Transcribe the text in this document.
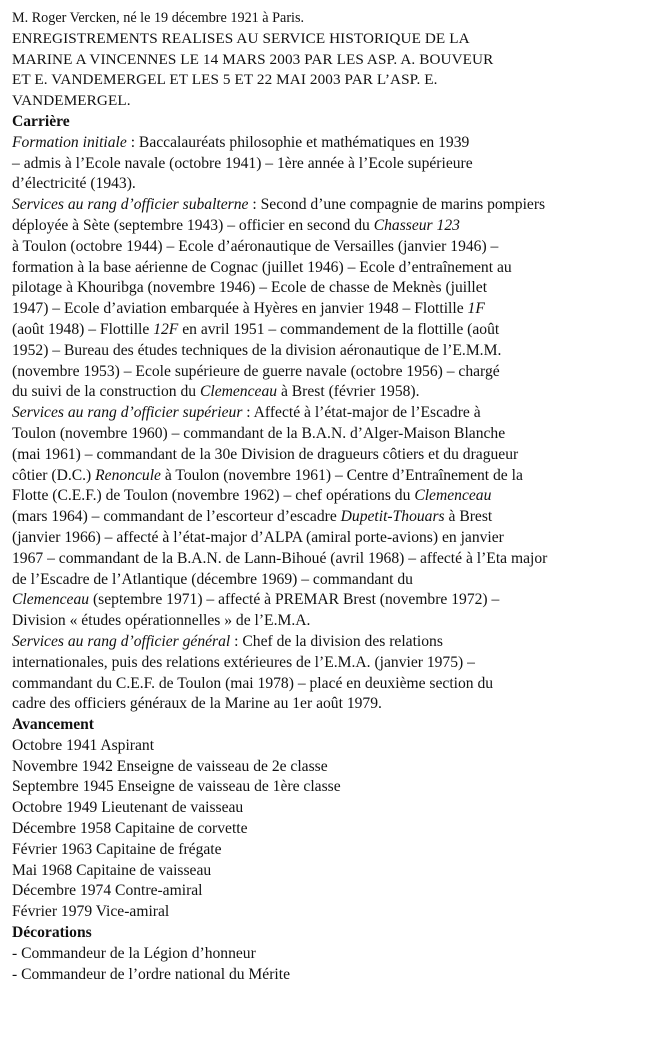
M. Roger Vercken, né le 19 décembre 1921 à Paris.
ENREGISTREMENTS REALISES AU SERVICE HISTORIQUE DE LA
MARINE A VINCENNES LE 14 MARS 2003 PAR LES ASP. A. BOUVEUR
ET E. VANDEMERGEL ET LES 5 ET 22 MAI 2003 PAR L’ASP. E.
VANDEMERGEL.
Carrière
Formation initiale : Baccalauréats philosophie et mathématiques en 1939
– admis à l’Ecole navale (octobre 1941) – 1ère année à l’Ecole supérieure
d’électricité (1943).
Services au rang d’officier subalterne : Second d’une compagnie de marins pompiers
déployée à Sète (septembre 1943) – officier en second du Chasseur 123
à Toulon (octobre 1944) – Ecole d’aéronautique de Versailles (janvier 1946) –
formation à la base aérienne de Cognac (juillet 1946) – Ecole d’entraînement au
pilotage à Khouribga (novembre 1946) – Ecole de chasse de Meknès (juillet
1947) – Ecole d’aviation embarquée à Hyères en janvier 1948 – Flottille 1F
(août 1948) – Flottille 12F en avril 1951 – commandement de la flottille (août
1952) – Bureau des études techniques de la division aéronautique de l’E.M.M.
(novembre 1953) – Ecole supérieure de guerre navale (octobre 1956) – chargé
du suivi de la construction du Clemenceau à Brest (février 1958).
Services au rang d’officier supérieur : Affecté à l’état-major de l’Escadre à
Toulon (novembre 1960) – commandant de la B.A.N. d’Alger-Maison Blanche
(mai 1961) – commandant de la 30e Division de dragueurs côtiers et du dragueur
côtier (D.C.) Renoncule à Toulon (novembre 1961) – Centre d’Entraînement de la
Flotte (C.E.F.) de Toulon (novembre 1962) – chef opérations du Clemenceau
(mars 1964) – commandant de l’escorteur d’escadre Dupetit-Thouars à Brest
(janvier 1966) – affecté à l’état-major d’ALPA (amiral porte-avions) en janvier
1967 – commandant de la B.A.N. de Lann-Bihoué (avril 1968) – affecté à l’Eta major
de l’Escadre de l’Atlantique (décembre 1969) – commandant du
Clemenceau (septembre 1971) – affecté à PREMAR Brest (novembre 1972) –
Division « études opérationnelles » de l’E.M.A.
Services au rang d’officier général : Chef de la division des relations
internationales, puis des relations extérieures de l’E.M.A. (janvier 1975) –
commandant du C.E.F. de Toulon (mai 1978) – placé en deuxième section du
cadre des officiers généraux de la Marine au 1er août 1979.
Avancement
Octobre 1941 Aspirant
Novembre 1942 Enseigne de vaisseau de 2e classe
Septembre 1945 Enseigne de vaisseau de 1ère classe
Octobre 1949 Lieutenant de vaisseau
Décembre 1958 Capitaine de corvette
Février 1963 Capitaine de frégate
Mai 1968 Capitaine de vaisseau
Décembre 1974 Contre-amiral
Février 1979 Vice-amiral
Décorations
- Commandeur de la Légion d’honneur
- Commandeur de l’ordre national du Mérite
